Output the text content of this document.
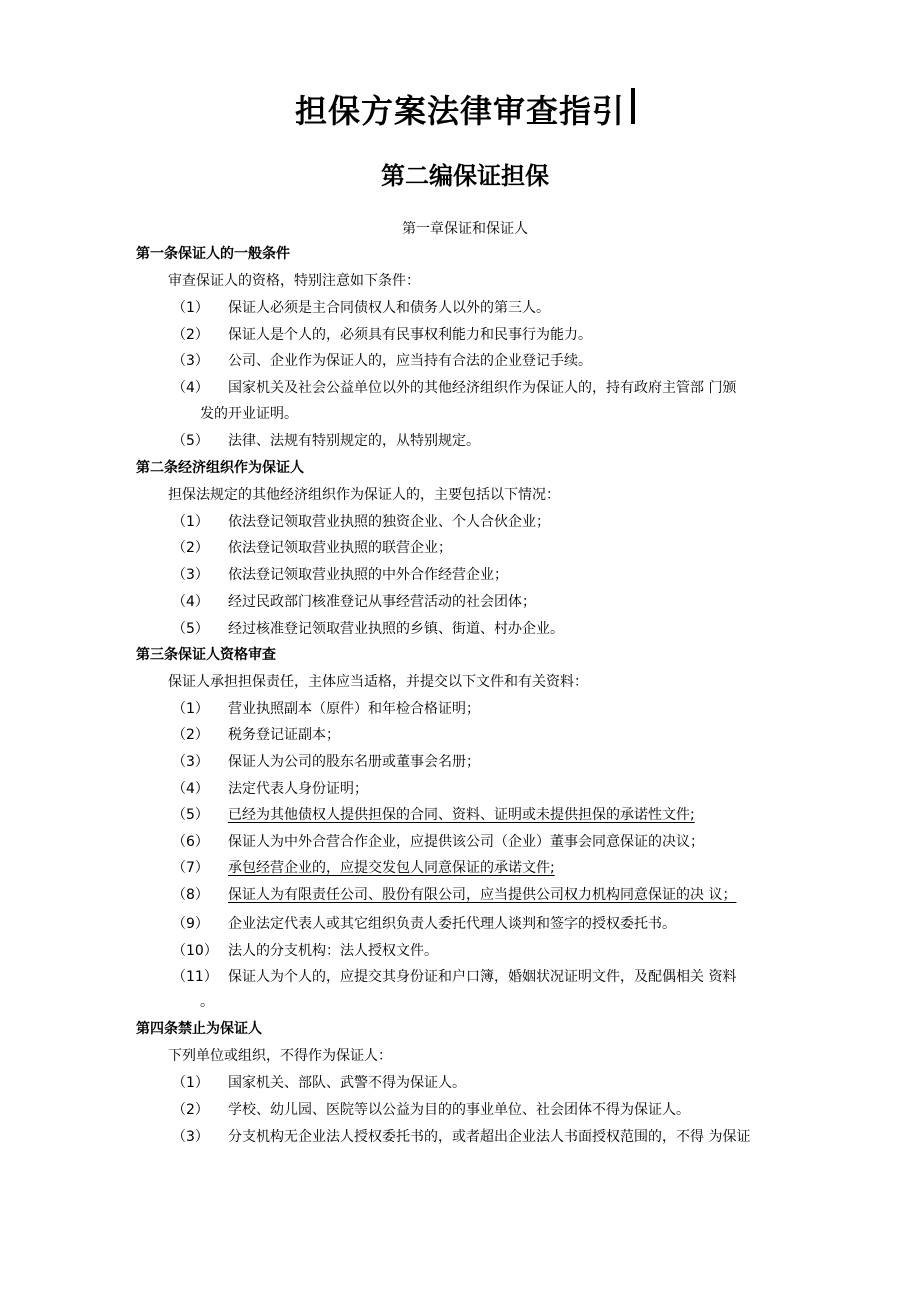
担保方案法律审查指引
第二编保证担保
第一章保证和保证人
第一条保证人的一般条件
审查保证人的资格，特别注意如下条件：
（1） 保证人必须是主合同债权人和债务人以外的第三人。
（2） 保证人是个人的，必须具有民事权利能力和民事行为能力。
（3） 公司、企业作为保证人的，应当持有合法的企业登记手续。
（4） 国家机关及社会公益单位以外的其他经济组织作为保证人的，持有政府主管部 门颁
发的开业证明。
（5） 法律、法规有特别规定的，从特别规定。
第二条经济组织作为保证人
担保法规定的其他经济组织作为保证人的，主要包括以下情况：
（1） 依法登记领取营业执照的独资企业、个人合伙企业；
（2） 依法登记领取营业执照的联营企业；
（3） 依法登记领取营业执照的中外合作经营企业；
（4） 经过民政部门核准登记从事经营活动的社会团体；
（5） 经过核准登记领取营业执照的乡镇、街道、村办企业。
第三条保证人资格审查
保证人承担担保责任，主体应当适格，并提交以下文件和有关资料：
（1） 营业执照副本（原件）和年检合格证明；
（2） 税务登记证副本；
（3） 保证人为公司的股东名册或董事会名册；
（4） 法定代表人身份证明；
（5） 已经为其他债权人提供担保的合同、资料、证明或未提供担保的承诺性文件;
（6） 保证人为中外合营合作企业，应提供该公司（企业）董事会同意保证的决议；
（7） 承包经营企业的，应提交发包人同意保证的承诺文件;
（8） 保证人为有限责任公司、股份有限公司，应当提供公司权力机构同意保证的决 议；
（9） 企业法定代表人或其它组织负责人委托代理人谈判和签字的授权委托书。
（10） 法人的分支机构：法人授权文件。
（11） 保证人为个人的，应提交其身份证和户口簿，婚姻状况证明文件，及配偶相关 资料
。
第四条禁止为保证人
下列单位或组织，不得作为保证人：
（1） 国家机关、部队、武警不得为保证人。
（2） 学校、幼儿园、医院等以公益为目的的事业单位、社会团体不得为保证人。
（3） 分支机构无企业法人授权委托书的，或者超出企业法人书面授权范围的，不得 为保证
